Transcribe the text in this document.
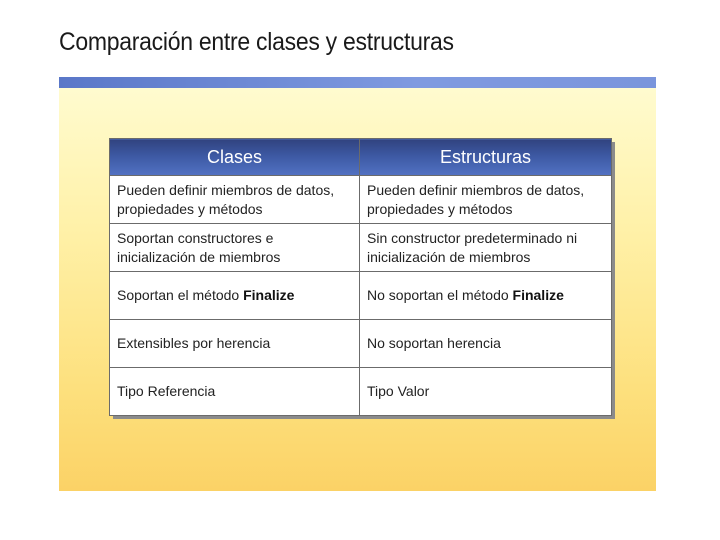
Comparación entre clases y estructuras
Clases	Estructuras

Pueden definir miembros de datos, propiedades y métodos	Pueden definir miembros de datos, propiedades y métodos

Soportan constructores e inicialización de miembros	Sin constructor predeterminado ni inicialización de miembros

Soportan el método Finalize	No soportan el método Finalize

Extensibles por herencia	No soportan herencia

Tipo Referencia	Tipo Valor
